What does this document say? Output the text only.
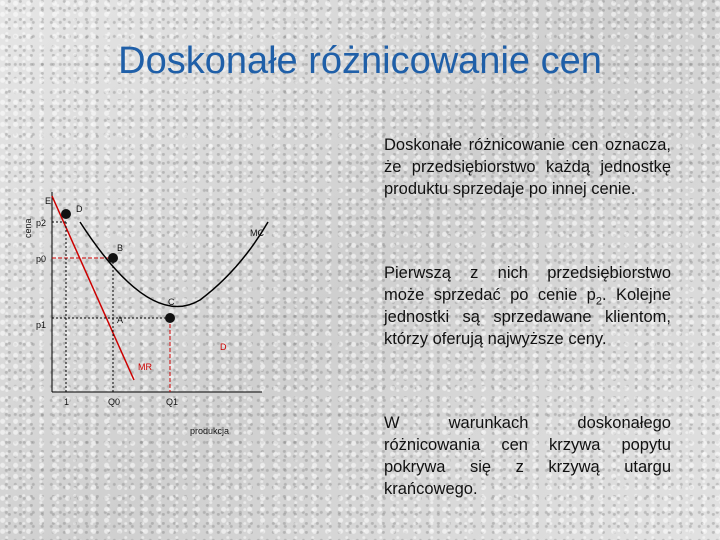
Doskonałe różnicowanie cen
cena p2
p0
p1
E
D
B
C
A
MC
D
MR
1	Q0	Q1
produkcja
Doskonałe różnicowanie cen oznacza, że przedsiębiorstwo każdą jednostkę produktu sprzedaje po innej cenie.
Pierwszą z nich przedsiębiorstwo może sprzedać po cenie $p_2$. Kolejne jednostki są sprzedawane klientom, którzy oferują najwyższe ceny.
W warunkach doskonałego różnicowania cen krzywa popytu pokrywa się z krzywą utargu krańcowego.
